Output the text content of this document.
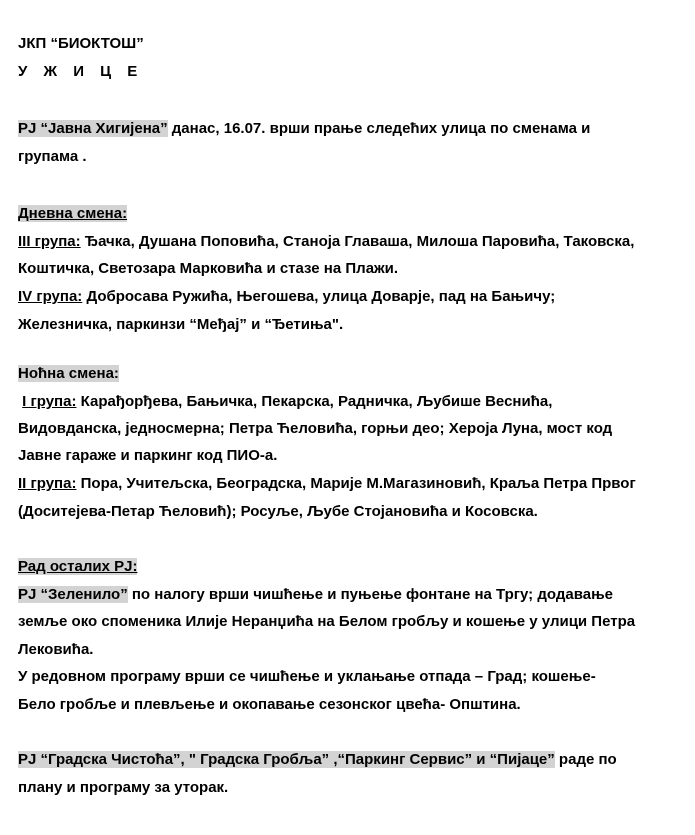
ЈКП “БИОКТОШ”
У Ж И Ц Е
РЈ “Јавна Хигијена” данас, 16.07. врши прање следећих улица по сменама и
групама .
Дневна смена:
III група: Ђачка, Душана Поповића, Станоја Главаша, Милоша Паровића, Таковска,
Коштичка, Светозара Марковића и стазе на Плажи.
IV група: Добросава Ружића, Његошева, улица Доварје, пад на Бањичу;
Железничка, паркинзи “Међај” и “Ђетиња".
Ноћна смена:
I група: Карађорђева, Бањичка, Пекарска, Радничка, Љубише Веснића,
Видовданска, једносмерна; Петра Ћеловића, горњи део; Хероја Луна, мост код
Јавне гараже и паркинг код ПИО-а.
II група: Пора, Учитељска, Београдска, Марије М.Магазиновић, Краља Петра Првог
(Доситејева-Петар Ћеловић); Росуље, Љубе Стојановића и Косовска.
Рад осталих РЈ:
РЈ “Зеленило” по налогу врши чишћење и пуњење фонтане на Тргу; додавање
земље око споменика Илије Неранџића на Белом гробљу и кошење у улици Петра
Лековића.
У редовном програму врши се чишћење и уклањање отпада – Град; кошење-
Бело гробље и плевљење и окопавање сезонског цвећа- Општина.
РЈ “Градска Чистоћа”, " Градска Гробља” ,“Паркинг Сервис” и “Пијаце” раде по
плану и програму за уторак.
